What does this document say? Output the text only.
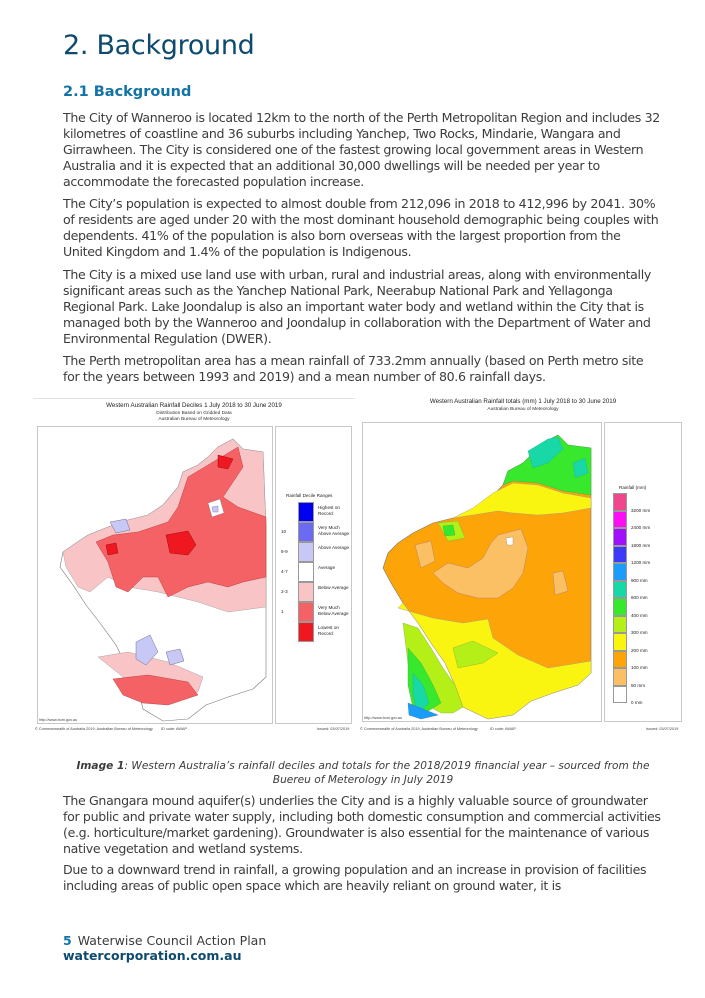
2. Background
2.1 Background

The City of Wanneroo is located 12km to the north of the Perth Metropolitan Region and includes 32 kilometres of coastline and 36 suburbs including Yanchep, Two Rocks, Mindarie, Wangara and Girrawheen. The City is considered one of the fastest growing local government areas in Western Australia and it is expected that an additional 30,000 dwellings will be needed per year to accommodate the forecasted population increase.

The City’s population is expected to almost double from 212,096 in 2018 to 412,996 by 2041. 30% of residents are aged under 20 with the most dominant household demographic being couples with dependents. 41% of the population is also born overseas with the largest proportion from the United Kingdom and 1.4% of the population is Indigenous.

The City is a mixed use land use with urban, rural and industrial areas, along with environmentally significant areas such as the Yanchep National Park, Neerabup National Park and Yellagonga Regional Park. Lake Joondalup is also an important water body and wetland within the City that is managed both by the Wanneroo and Joondalup in collaboration with the Department of Water and Environmental Regulation (DWER).

The Perth metropolitan area has a mean rainfall of 733.2mm annually (based on Perth metro site for the years between 1993 and 2019) and a mean number of 80.6 rainfall days.

Western Australian Rainfall Deciles 1 July 2018 to 30 June 2019
Distribution Based on Gridded Data
Australian Bureau of Meteorology
Rainfall Decile Ranges
Highest on Record
Very Much Above Average
10
Above Average
8-9
Average
4-7
Below Average
2-3
Very Much Below Average
1
Lowest on Record
http://www.bom.gov.au
© Commonwealth of Australia 2019, Australian Bureau of Meteorology ID code: AWAP	Issued: 03/07/2019
Western Australian Rainfall totals (mm) 1 July 2018 to 30 June 2019
Australian Bureau of Meteorology
Rainfall (mm)
3200 mm
2400 mm
1800 mm
1200 mm
900 mm
600 mm
400 mm
300 mm
200 mm
100 mm
50 mm
0 mm
http://www.bom.gov.au
© Commonwealth of Australia 2019, Australian Bureau of Meteorology	ID code: AWAP	Issued: 03/07/2019
Image 1: Western Australia’s rainfall deciles and totals for the 2018/2019 financial year – sourced from the Buereu of Meterology in July 2019

The Gnangara mound aquifer(s) underlies the City and is a highly valuable source of groundwater for public and private water supply, including both domestic consumption and commercial activities (e.g. horticulture/market gardening). Groundwater is also essential for the maintenance of various native vegetation and wetland systems.

Due to a downward trend in rainfall, a growing population and an increase in provision of facilities including areas of public open space which are heavily reliant on ground water, it is

5 Waterwise Council Action Plan
watercorporation.com.au
